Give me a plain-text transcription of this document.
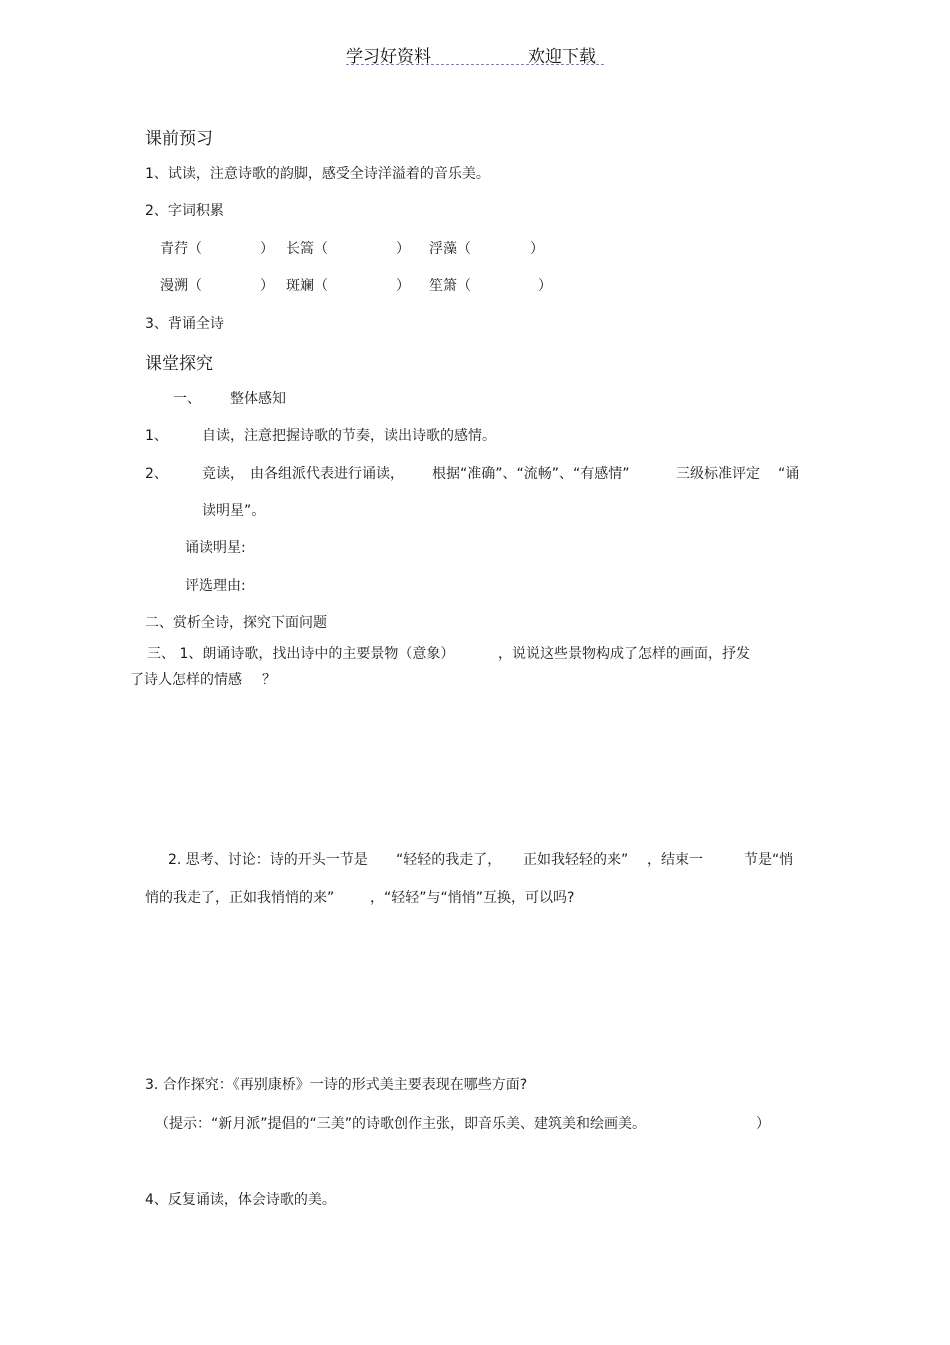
学习好资料	欢迎下载
课前预习
1、试读，注意诗歌的韵脚，感受全诗洋溢着的音乐美。
2、字词积累
青荇（	） 长篙（	） 浮藻（	）
漫溯（	） 斑斓（	） 笙箫（	）
3、背诵全诗
课堂探究
一、 整体感知
1、 自读，注意把握诗歌的节奏，读出诗歌的感情。
2、 竞读， 由各组派代表进行诵读， 根据“准确”、“流畅”、“有感情”	三级标准评定 “诵
读明星”。
诵读明星:
评选理由:
二、赏析全诗，探究下面问题
三、 1、朗诵诗歌，找出诗中的主要景物（意象）	，说说这些景物构成了怎样的画面，抒发
了诗人怎样的情感 ？
2. 思考、讨论：诗的开头一节是 “轻轻的我走了， 正如我轻轻的来” ，结束一	节是“悄
悄的我走了，正如我悄悄的来”	，“轻轻”与“悄悄”互换，可以吗?
3. 合作探究：《再别康桥》一诗的形式美主要表现在哪些方面?
（提示：“新月派”提倡的“三美”的诗歌创作主张，即音乐美、建筑美和绘画美。	）
4、反复诵读，体会诗歌的美。
